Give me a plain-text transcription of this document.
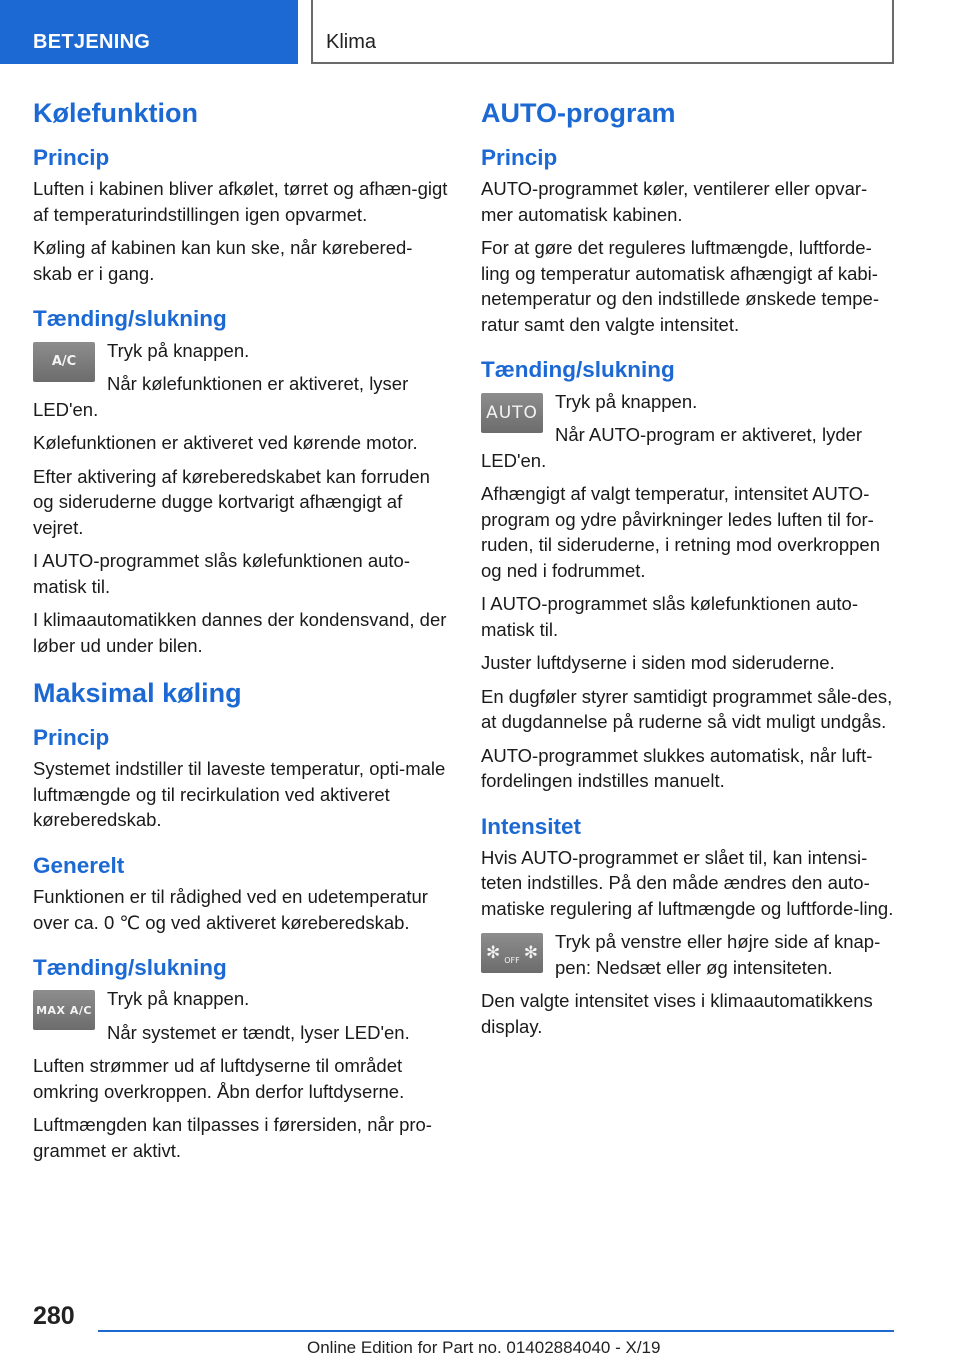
BETJENING	Klima
Kølefunktion
Princip

Luften i kabinen bliver afkølet, tørret og afhæn-gigt af temperaturindstillingen igen opvarmet.

Køling af kabinen kan kun ske, når kørebered-skab er i gang.

Tænding/slukning
A/C

Tryk på knappen.

Når kølefunktionen er aktiveret, lyser LED'en.

Kølefunktionen er aktiveret ved kørende motor.

Efter aktivering af køreberedskabet kan forruden og sideruderne dugge kortvarigt afhængigt af vejret.

I AUTO-programmet slås kølefunktionen auto-matisk til.

I klimaautomatikken dannes der kondensvand, der løber ud under bilen.

Maksimal køling
Princip

Systemet indstiller til laveste temperatur, opti-male luftmængde og til recirkulation ved aktiveret køreberedskab.

Generelt

Funktionen er til rådighed ved en udetemperatur over ca. 0 ℃ og ved aktiveret køreberedskab.

Tænding/slukning
MAX A/C

Tryk på knappen.

Når systemet er tændt, lyser LED'en.

Luften strømmer ud af luftdyserne til området omkring overkroppen. Åbn derfor luftdyserne.

Luftmængden kan tilpasses i førersiden, når pro-grammet er aktivt.

AUTO-program
Princip

AUTO-programmet køler, ventilerer eller opvar-mer automatisk kabinen.

For at gøre det reguleres luftmængde, luftforde-ling og temperatur automatisk afhængigt af kabi-netemperatur og den indstillede ønskede tempe-ratur samt den valgte intensitet.

Tænding/slukning
AUTO

Tryk på knappen.

Når AUTO-program er aktiveret, lyder LED'en.

Afhængigt af valgt temperatur, intensitet AUTO-program og ydre påvirkninger ledes luften til for-ruden, til sideruderne, i retning mod overkroppen og ned i fodrummet.

I AUTO-programmet slås kølefunktionen auto-matisk til.

Juster luftdyserne i siden mod sideruderne.

En dugføler styrer samtidigt programmet såle-des, at dugdannelse på ruderne så vidt muligt undgås.

AUTO-programmet slukkes automatisk, når luft-fordelingen indstilles manuelt.

Intensitet

Hvis AUTO-programmet er slået til, kan intensi-teten indstilles. På den måde ændres den auto-matiske regulering af luftmængde og luftforde-ling.

✻ OFF ✻

Tryk på venstre eller højre side af knap-pen: Nedsæt eller øg intensiteten.

Den valgte intensitet vises i klimaautomatikkens display.

280
Online Edition for Part no. 01402884040 - X/19
